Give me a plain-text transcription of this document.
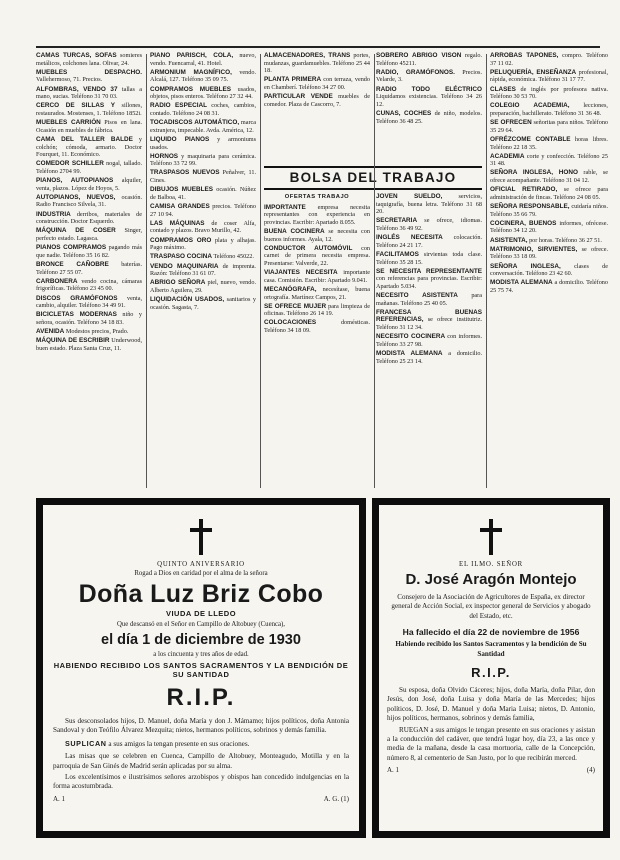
CAMAS TURCAS, SOFAS somieres metálicos, colchones lana. Olivar, 24.

MUEBLES DESPACHO. Vallehermoso, 71. Precios.

ALFOMBRAS, VENDO 37 tallas a mano, sucias. Teléfono 31 70 03.

CERCO DE SILLAS Y sillones, restaurados. Mostenses, 1. Teléfono 1852i.

MUEBLES CARRIÓN Pisos en lana. Ocasión en muebles de fábrica.

CAMA DEL TALLER BALDE y colchón; cómoda, armario. Doctor Fourquet, 11. Económico.

COMEDOR SCHILLER nogal, tallado. Teléfono 2704 99.

PIANOS, AUTOPIANOS alquiler, venta, plazos. López de Hoyos, 5.

AUTOPIANOS, NUEVOS, ocasión. Radio Francisco Silvela, 31.

INDUSTRIA derribos, materiales de construcción. Doctor Esquerdo.

MÁQUINA DE COSER Singer, perfecto estado. Lagasca.

PIANOS COMPRAMOS pagando más que nadie. Teléfono 35 16 82.

BRONCE CAÑOBRE baterías. Teléfono 27 55 07.

CARBONERA vendo cocina, cámaras frigoríficas. Teléfono 23 45 00.

DISCOS GRAMÓFONOS venta, cambio, alquiler. Teléfono 34 49 91.

BICICLETAS MODERNAS niño y señora, ocasión. Teléfono 34 18 83.

AVENIDA Modestos precios, Prado.

MÁQUINA DE ESCRIBIR Underwood, buen estado. Plaza Santa Cruz, 11.

PIANO PARISCH, COLA, nuevo, vendo. Fuencarral, 41. Hotel.

ARMONIUM MAGNÍFICO, vendo. Alcalá, 127. Teléfono 35 09 75.

COMPRAMOS MUEBLES usados, objetos, pisos enteros. Teléfono 27 32 44.

RADIO ESPECIAL coches, cambios, contado. Teléfono 24 08 31.

TOCADISCOS AUTOMÁTICO, marca extranjera, impecable. Avda. América, 12.

LIQUIDO PIANOS y armoniums usados.

HORNOS y maquinaria para cerámica. Teléfono 33 72 99.

TRASPASOS NUEVOS Peñalver, 11. Cines.

DIBUJOS MUEBLES ocasión. Núñez de Balboa, 41.

CAMISA GRANDES precios. Teléfono 27 10 94.

LAS MÁQUINAS de coser Alfa, contado y plazos. Bravo Murillo, 42.

COMPRAMOS ORO plata y alhajas. Pago máximo.

TRASPASO COCINA Teléfono 45022.

VENDO MAQUINARIA de imprenta. Razón: Teléfono 31 61 07.

ABRIGO SEÑORA piel, nuevo, vendo. Alberto Aguilera, 29.

LIQUIDACIÓN USADOS, sanitarios y ocasión. Sagasta, 7.

ALMACENADORES, TRANS portes, mudanzas, guardamuebles. Teléfono 25 44 18.

PLANTA PRIMERA con terraza, vendo en Chamberí. Teléfono 34 27 00.

PARTICULAR VENDE muebles de comedor. Plaza de Cascorro, 7.

SOBRERO ABRIGO VISON regalo. Teléfono 45211.

RADIO, GRAMÓFONOS. Precios. Velarde, 3.

RADIO TODO ELÉCTRICO Liquidamos existencias. Teléfono 34 26 12.

CUNAS, COCHES de niño, modelos. Teléfono 36 48 25.

BOLSA DEL TRABAJO
OFERTAS TRABAJO

IMPORTANTE empresa necesita representantes con experiencia en provincias. Escribir: Apartado 8.055.

BUENA COCINERA se necesita con buenos informes. Ayala, 12.

CONDUCTOR AUTOMÓVIL con carnet de primera necesita empresa. Presentarse: Valverde, 22.

VIAJANTES NECESITA importante casa. Comisión. Escribir: Apartado 9.041.

MECANÓGRAFA, necesítase, buena ortografía. Martínez Campos, 21.

SE OFRECE MUJER para limpieza de oficinas. Teléfono 26 14 19.

COLOCACIONES domésticas. Teléfono 34 18 09.

JOVEN SUELDO, servicios, taquigrafía, buena letra. Teléfono 31 68 20.

SECRETARIA se ofrece, idiomas. Teléfono 36 49 92.

INGLÉS NECESITA colocación. Teléfono 24 21 17.

FACILITAMOS sirvientas toda clase. Teléfono 35 28 15.

SE NECESITA REPRESENTANTE con referencias para provincias. Escribir: Apartado 5.034.

NECESITO ASISTENTA para mañanas. Teléfono 25 40 05.

FRANCESA BUENAS REFERENCIAS, se ofrece institutriz. Teléfono 31 12 34.

NECESITO COCINERA con informes. Teléfono 33 27 98.

MODISTA ALEMANA a domicilio. Teléfono 25 23 14.

ARROBAS TAPONES, compro. Teléfono 37 11 02.

PELUQUERÍA, ENSEÑANZA profesional, rápida, económica. Teléfono 31 17 77.

CLASES de inglés por profesora nativa. Teléfono 30 53 70.

COLEGIO ACADEMIA, lecciones, preparación, bachillerato. Teléfono 31 36 48.

SE OFRECEN señoritas para niños. Teléfono 35 29 64.

OFRÉZCOME CONTABLE horas libres. Teléfono 22 18 35.

ACADEMIA corte y confección. Teléfono 25 31 48.

SEÑORA INGLESA, HONO rable, se ofrece acompañante. Teléfono 31 04 12.

OFICIAL RETIRADO, se ofrece para administración de fincas. Teléfono 24 08 05.

SEÑORA RESPONSABLE, cuidaría niños. Teléfono 35 66 79.

COCINERA, BUENOS informes, ofrécese. Teléfono 34 12 20.

ASISTENTA, por horas. Teléfono 36 27 51.

MATRIMONIO, SIRVIENTES, se ofrece. Teléfono 33 18 09.

SEÑORA INGLESA, clases de conversación. Teléfono 23 42 60.

MODISTA ALEMANA a domicilio. Teléfono 25 75 74.

QUINTO ANIVERSARIO
Rogad a Dios en caridad por el alma de la señora
Doña Luz Briz Cobo
VIUDA DE LLEDO
Que descansó en el Señor en Campillo de Altobuey (Cuenca),
el día 1 de diciembre de 1930
a los cincuenta y tres años de edad.
HABIENDO RECIBIDO LOS SANTOS SACRAMENTOS Y LA BENDICIÓN DE SU SANTIDAD
R.I.P.
Sus desconsolados hijos, D. Manuel, doña María y don J. Mámamo; hijos políticos, doña Antonia Sandoval y don Teófilo Álvarez Mezquita; nietos, hermanos políticos, sobrinos y demás familia.
SUPLICAN a sus amigos la tengan presente en sus oraciones.
Las misas que se celebren en Cuenca, Campillo de Altobuey, Monteagudo, Motilla y en la parroquia de San Ginés de Madrid serán aplicadas por su alma.
Los excelentísimos e ilustrísimos señores arzobispos y obispos han concedido indulgencias en la forma acostumbrada.
A. 1	A. G. (1)
EL ILMO. SEÑOR
D. José Aragón Montejo
Consejero de la Asociación de Agricultores de España, ex director general de Acción Social, ex inspector general de Servicios y abogado del Estado, etc.
Ha fallecido el día 22 de noviembre de 1956
Habiendo recibido los Santos Sacramentos y la bendición de Su Santidad
R.I.P.
Su esposa, doña Olvido Cáceres; hijos, doña María, doña Pilar, don Jesús, don José, doña Luisa y doña María de las Mercedes; hijos políticos, D. José, D. Manuel y doña Maria Luisa; nietos, D. Antonio, hijos políticos, hermanos, sobrinos y demás familia,
RUEGAN a sus amigos le tengan presente en sus oraciones y asistan a la conducción del cadáver, que tendrá lugar hoy, día 23, a las once y media de la mañana, desde la casa mortuoria, calle de la Concepción, número 8, al cementerio de San Justo, por lo que recibirán merced.
A. 1	(4)
